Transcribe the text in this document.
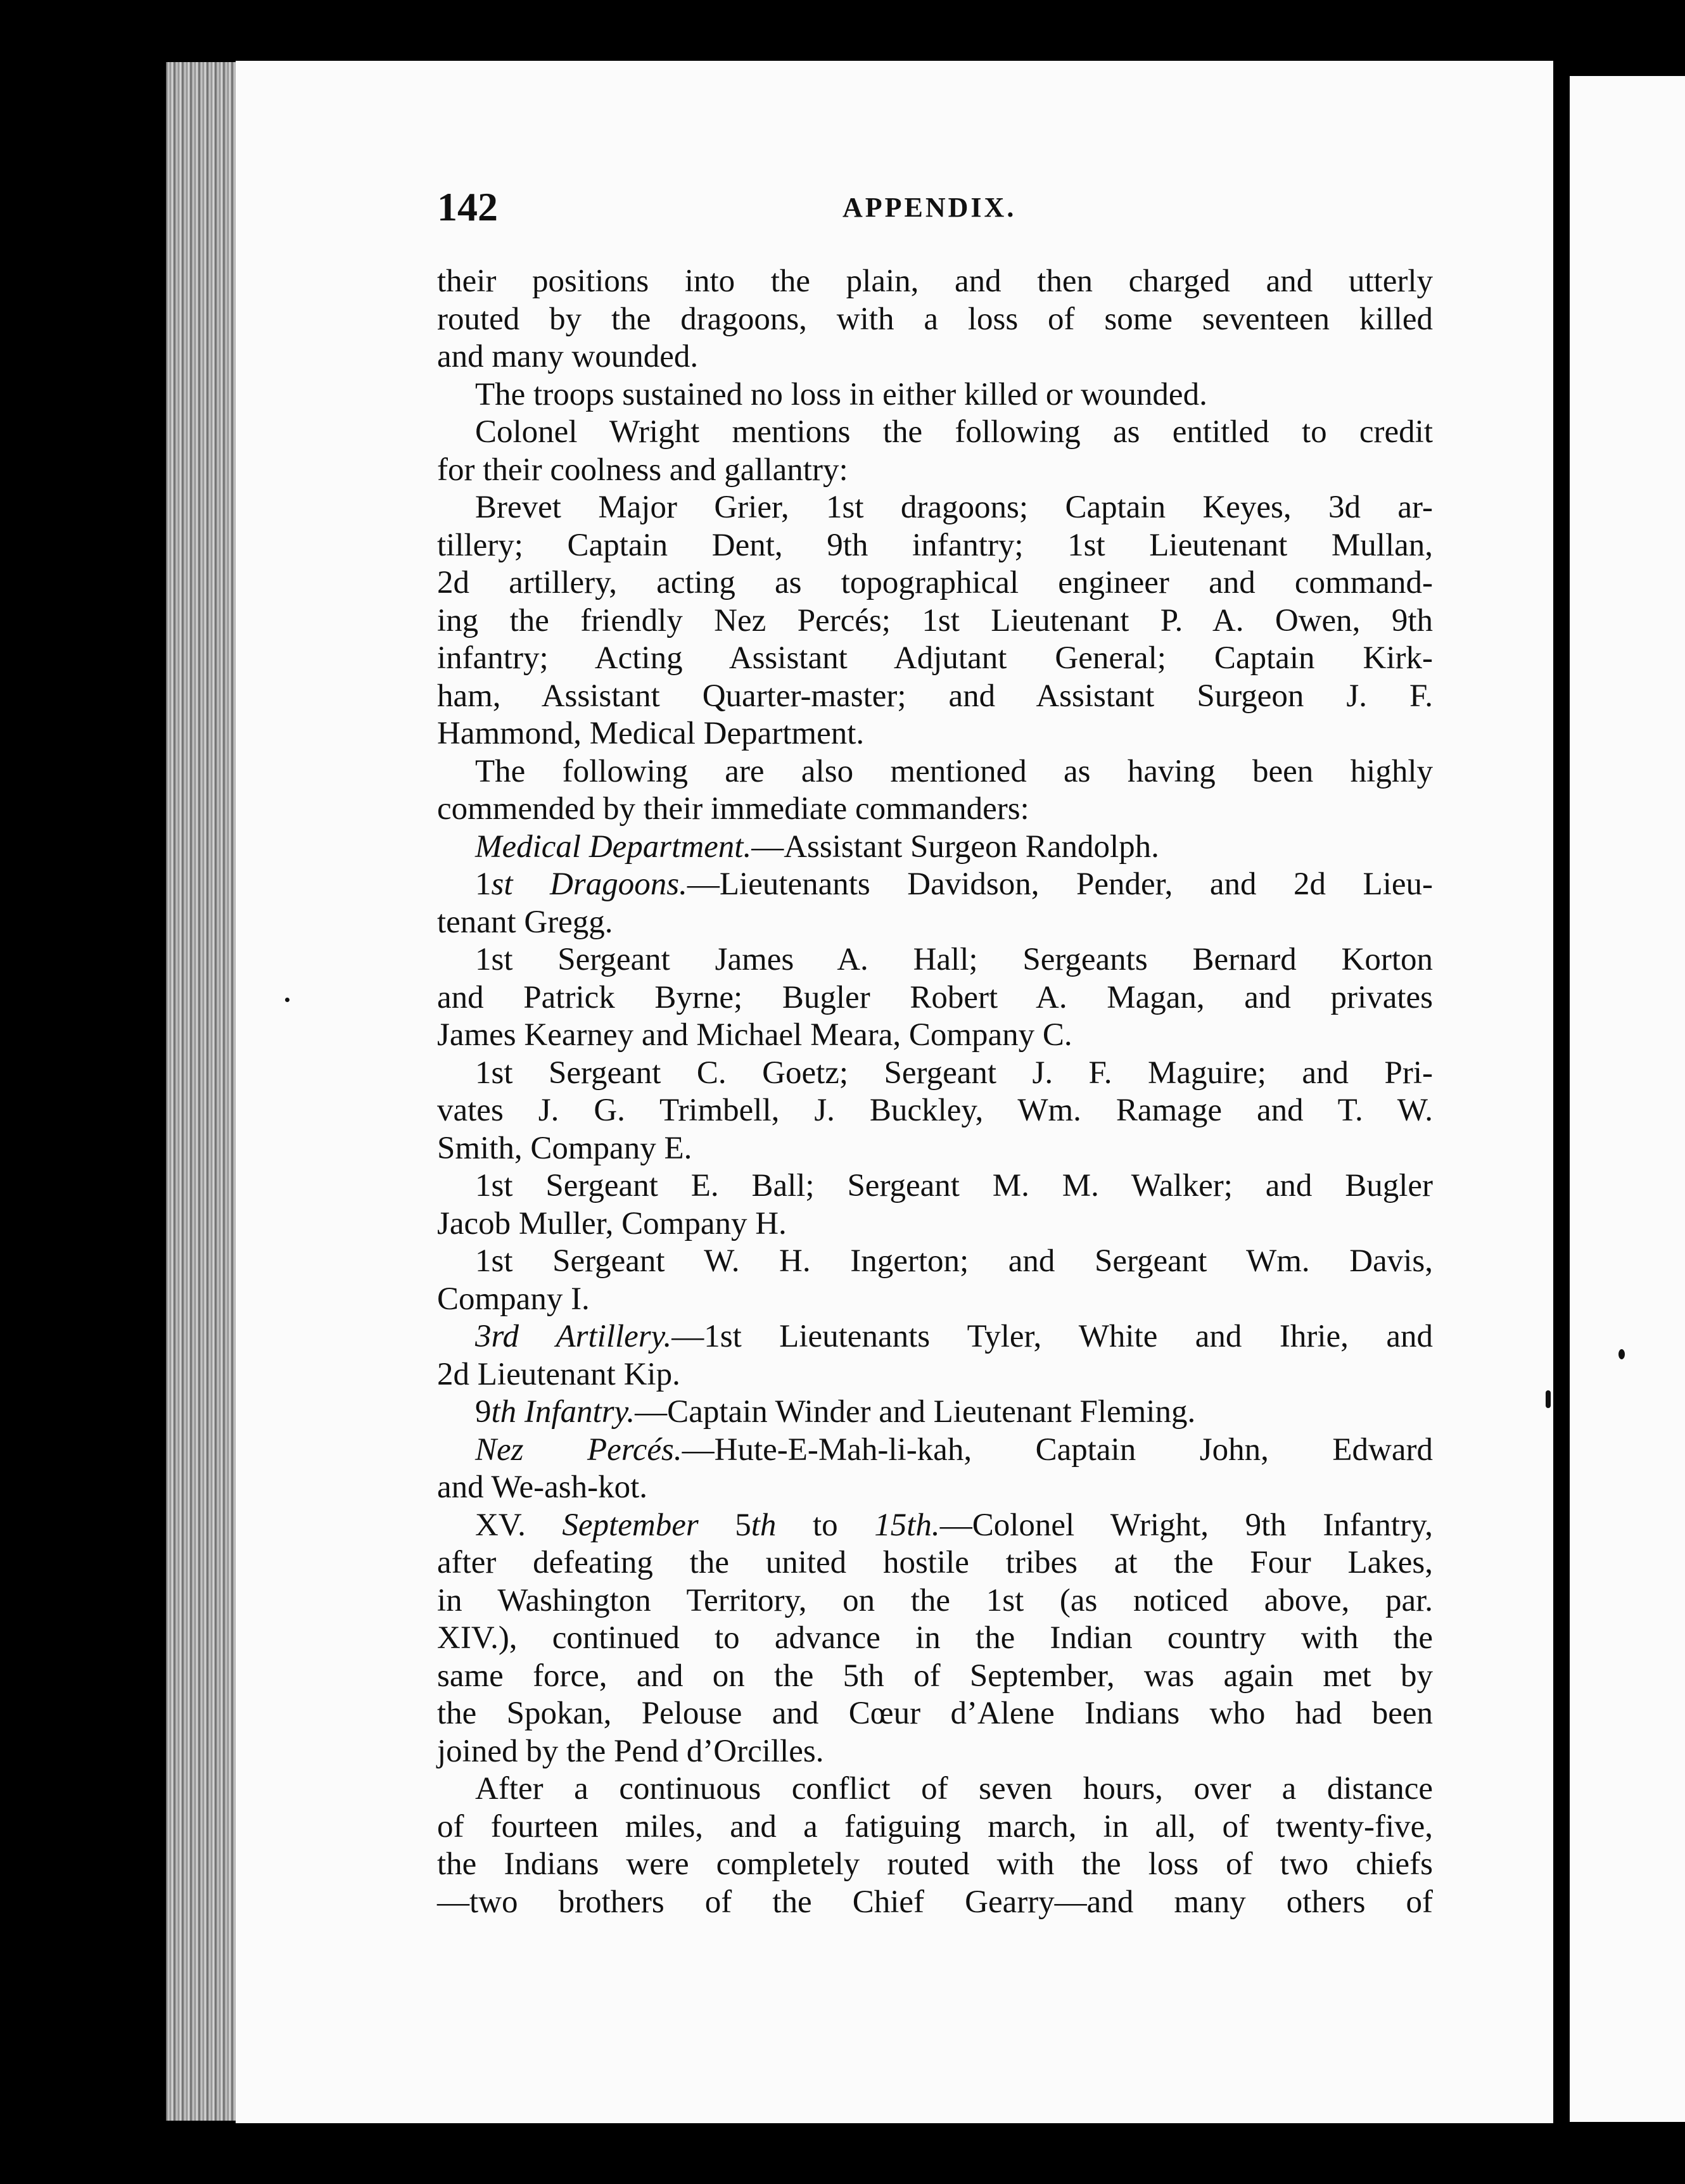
142	APPENDIX.
their positions into the plain, and then charged and utterly
routed by the dragoons, with a loss of some seventeen killed
and many wounded.
The troops sustained no loss in either killed or wounded.
Colonel Wright mentions the following as entitled to credit
for their coolness and gallantry:
Brevet Major Grier, 1st dragoons; Captain Keyes, 3d ar-
tillery; Captain Dent, 9th infantry; 1st Lieutenant Mullan,
2d artillery, acting as topographical engineer and command-
ing the friendly Nez Percés; 1st Lieutenant P. A. Owen, 9th
infantry; Acting Assistant Adjutant General; Captain Kirk-
ham, Assistant Quarter-master; and Assistant Surgeon J. F.
Hammond, Medical Department.
The following are also mentioned as having been highly
commended by their immediate commanders:
Medical Department.—Assistant Surgeon Randolph.
1st Dragoons.—Lieutenants Davidson, Pender, and 2d Lieu-
tenant Gregg.
1st Sergeant James A. Hall; Sergeants Bernard Korton
and Patrick Byrne; Bugler Robert A. Magan, and privates
James Kearney and Michael Meara, Company C.
1st Sergeant C. Goetz; Sergeant J. F. Maguire; and Pri-
vates J. G. Trimbell, J. Buckley, Wm. Ramage and T. W.
Smith, Company E.
1st Sergeant E. Ball; Sergeant M. M. Walker; and Bugler
Jacob Muller, Company H.
1st Sergeant W. H. Ingerton; and Sergeant Wm. Davis,
Company I.
3rd Artillery.—1st Lieutenants Tyler, White and Ihrie, and
2d Lieutenant Kip.
9th Infantry.—Captain Winder and Lieutenant Fleming.
Nez Percés.—Hute-E-Mah-li-kah, Captain John, Edward
and We-ash-kot.
XV. September 5th to 15th.—Colonel Wright, 9th Infantry,
after defeating the united hostile tribes at the Four Lakes,
in Washington Territory, on the 1st (as noticed above, par.
XIV.), continued to advance in the Indian country with the
same force, and on the 5th of September, was again met by
the Spokan, Pelouse and Cœur d’Alene Indians who had been
joined by the Pend d’Orcilles.
After a continuous conflict of seven hours, over a distance
of fourteen miles, and a fatiguing march, in all, of twenty-five,
the Indians were completely routed with the loss of two chiefs
—two brothers of the Chief Gearry—and many others of
